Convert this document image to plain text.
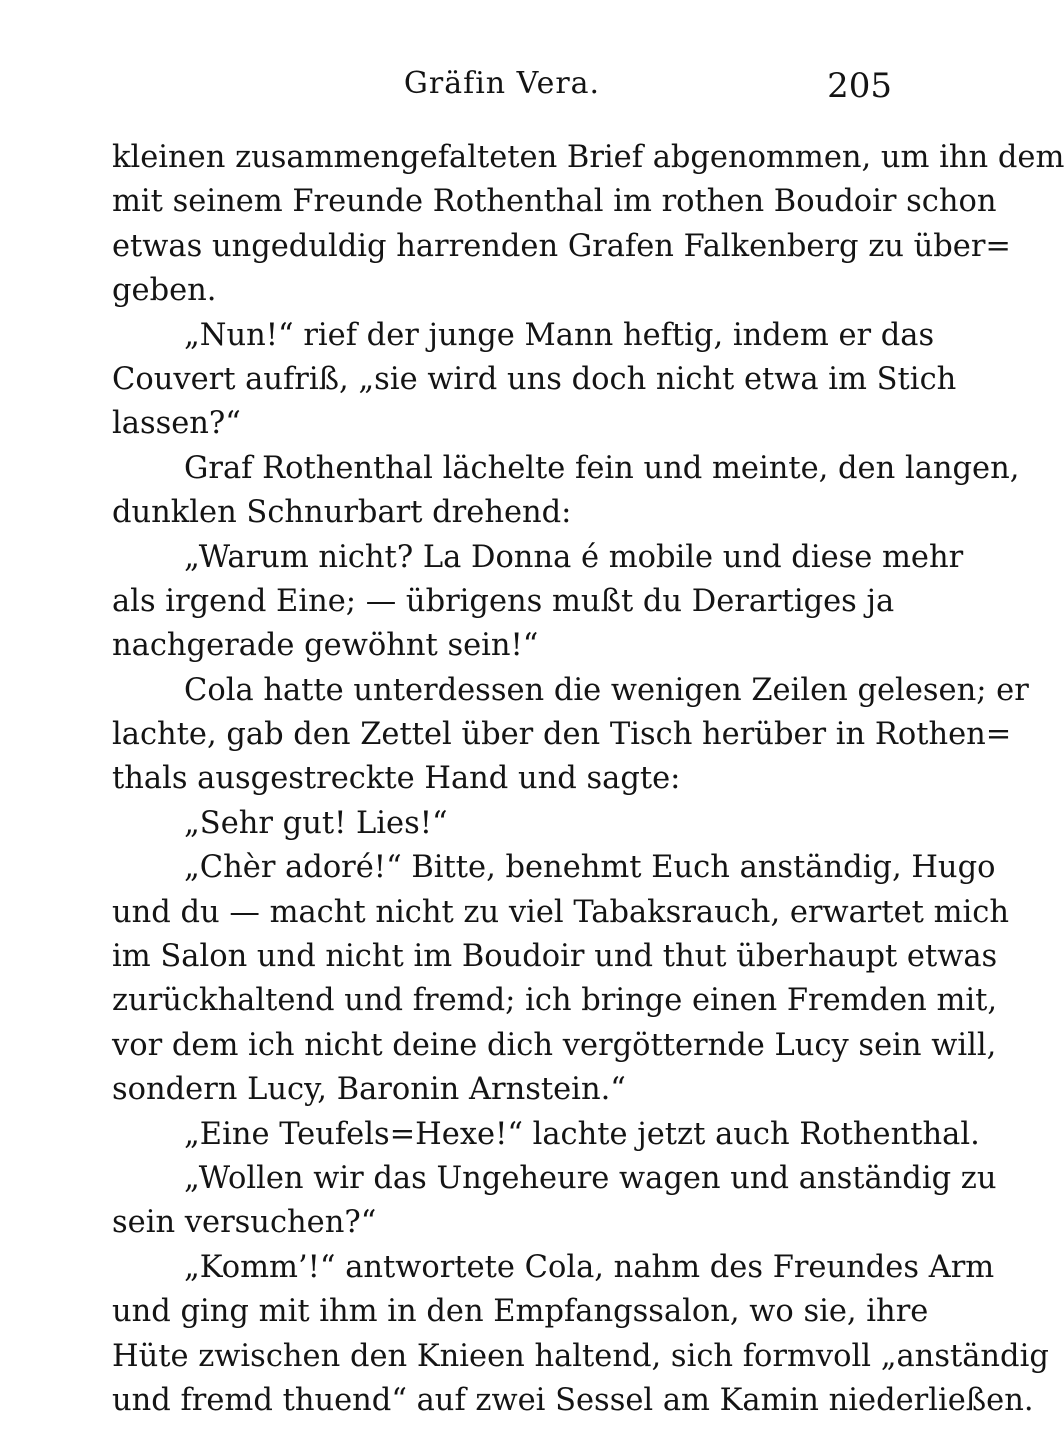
Gräfin Vera.	205
kleinen zusammengefalteten Brief abgenommen, um ihn dem
mit seinem Freunde Rothenthal im rothen Boudoir schon
etwas ungeduldig harrenden Grafen Falkenberg zu über=
geben.
„Nun!“ rief der junge Mann heftig, indem er das
Couvert aufriß, „sie wird uns doch nicht etwa im Stich
lassen?“
Graf Rothenthal lächelte fein und meinte, den langen,
dunklen Schnurbart drehend:
„Warum nicht? La Donna é mobile und diese mehr
als irgend Eine; — übrigens mußt du Derartiges ja
nachgerade gewöhnt sein!“
Cola hatte unterdessen die wenigen Zeilen gelesen; er
lachte, gab den Zettel über den Tisch herüber in Rothen=
thals ausgestreckte Hand und sagte:
„Sehr gut! Lies!“
„Chèr adoré!“ Bitte, benehmt Euch anständig, Hugo
und du — macht nicht zu viel Tabaksrauch, erwartet mich
im Salon und nicht im Boudoir und thut überhaupt etwas
zurückhaltend und fremd; ich bringe einen Fremden mit,
vor dem ich nicht deine dich vergötternde Lucy sein will,
sondern Lucy, Baronin Arnstein.“
„Eine Teufels=Hexe!“ lachte jetzt auch Rothenthal.
„Wollen wir das Ungeheure wagen und anständig zu
sein versuchen?“
„Komm’!“ antwortete Cola, nahm des Freundes Arm
und ging mit ihm in den Empfangssalon, wo sie, ihre
Hüte zwischen den Knieen haltend, sich formvoll „anständig
und fremd thuend“ auf zwei Sessel am Kamin niederließen.
